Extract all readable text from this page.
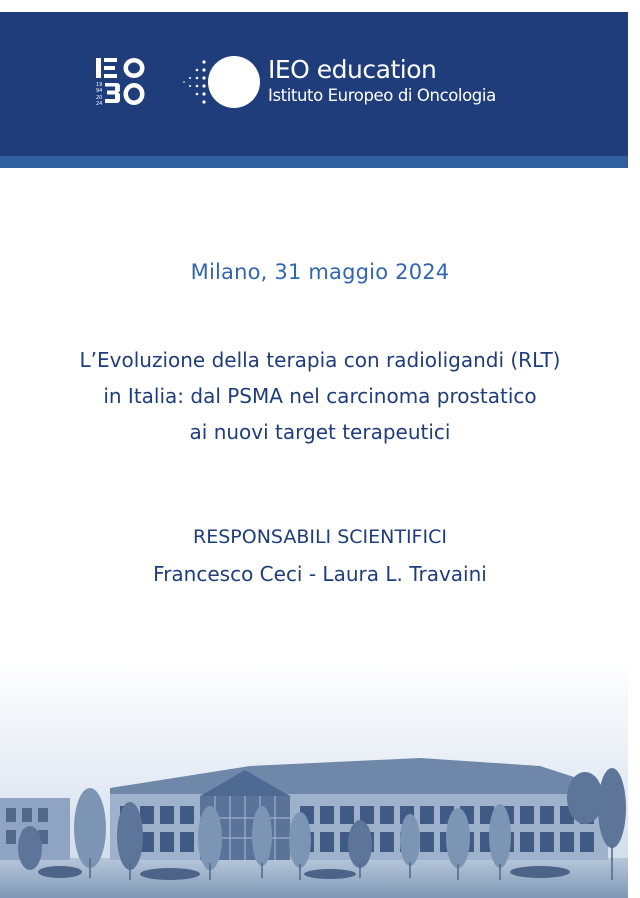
19
94
20
24
IEO education
Istituto Europeo di Oncologia
Milano, 31 maggio 2024
L’Evoluzione della terapia con radioligandi (RLT)
in Italia: dal PSMA nel carcinoma prostatico
ai nuovi target terapeutici
RESPONSABILI SCIENTIFICI
Francesco Ceci - Laura L. Travaini
